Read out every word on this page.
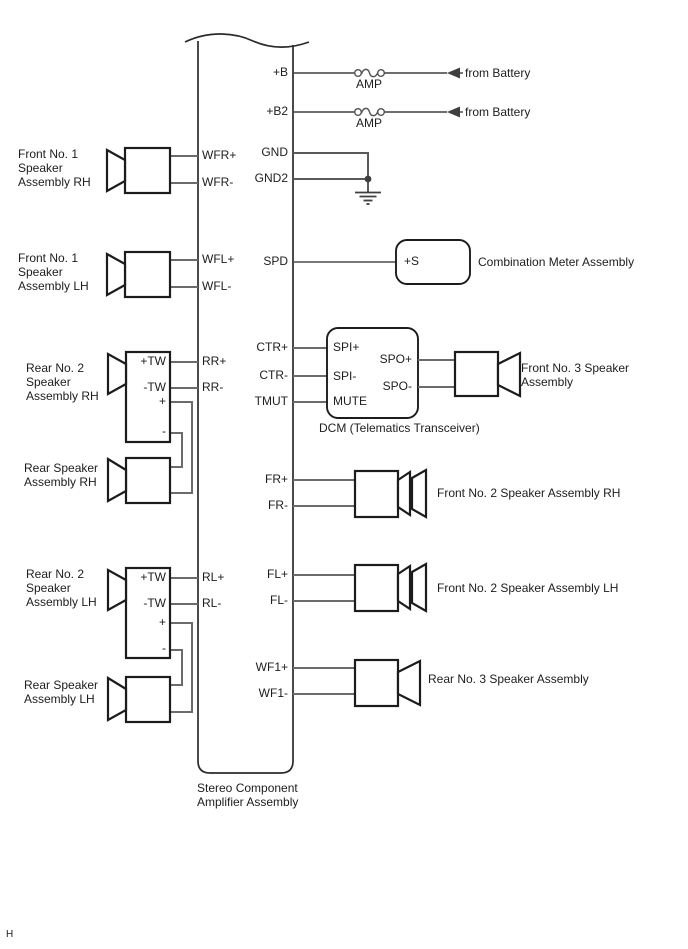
+B
+B2
GND
GND2
SPD
CTR+
CTR-
TMUT
FR+
FR-
FL+
FL-
WF1+
WF1-
WFR+
WFR-
WFL+
WFL-
RR+
RR-
RL+
RL-
+TW
-TW
+
-
+TW
-TW
+
-
AMP
from Battery
AMP
from Battery
+S	Combination Meter Assembly
SPI+
SPI-
MUTE
SPO+
SPO-
DCM (Telematics Transceiver)
Front No. 3 Speaker
Assembly
Front No. 2 Speaker Assembly RH
Front No. 2 Speaker Assembly LH
Rear No. 3 Speaker Assembly
Front No. 1
Speaker
Assembly RH
Front No. 1
Speaker
Assembly LH
Rear No. 2
Speaker
Assembly RH
Rear Speaker
Assembly RH
Rear No. 2
Speaker
Assembly LH
Rear Speaker
Assembly LH
Stereo Component
Amplifier Assembly
H
